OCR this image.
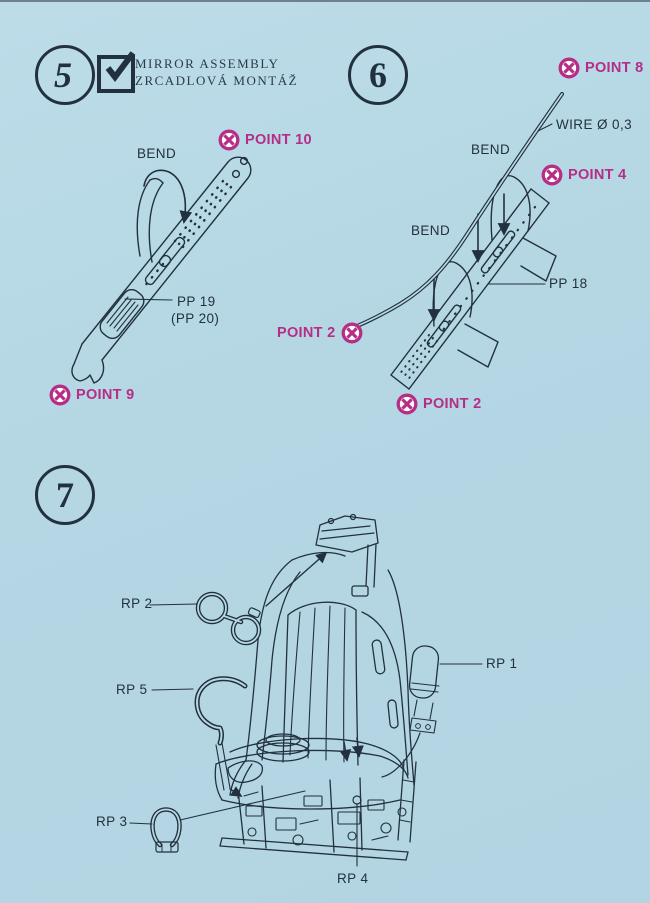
5	MIRROR ASSEMBLY
ZRCADLOVÁ MONTÁŽ 6
7
BEND
PP 19
(PP 20)
POINT 10
POINT 9
POINT 8
WIRE Ø 0,3
BEND
BEND
PP 18
POINT 4
POINT 2
POINT 2
RP 2
RP 5
RP 1
RP 3
RP 4
